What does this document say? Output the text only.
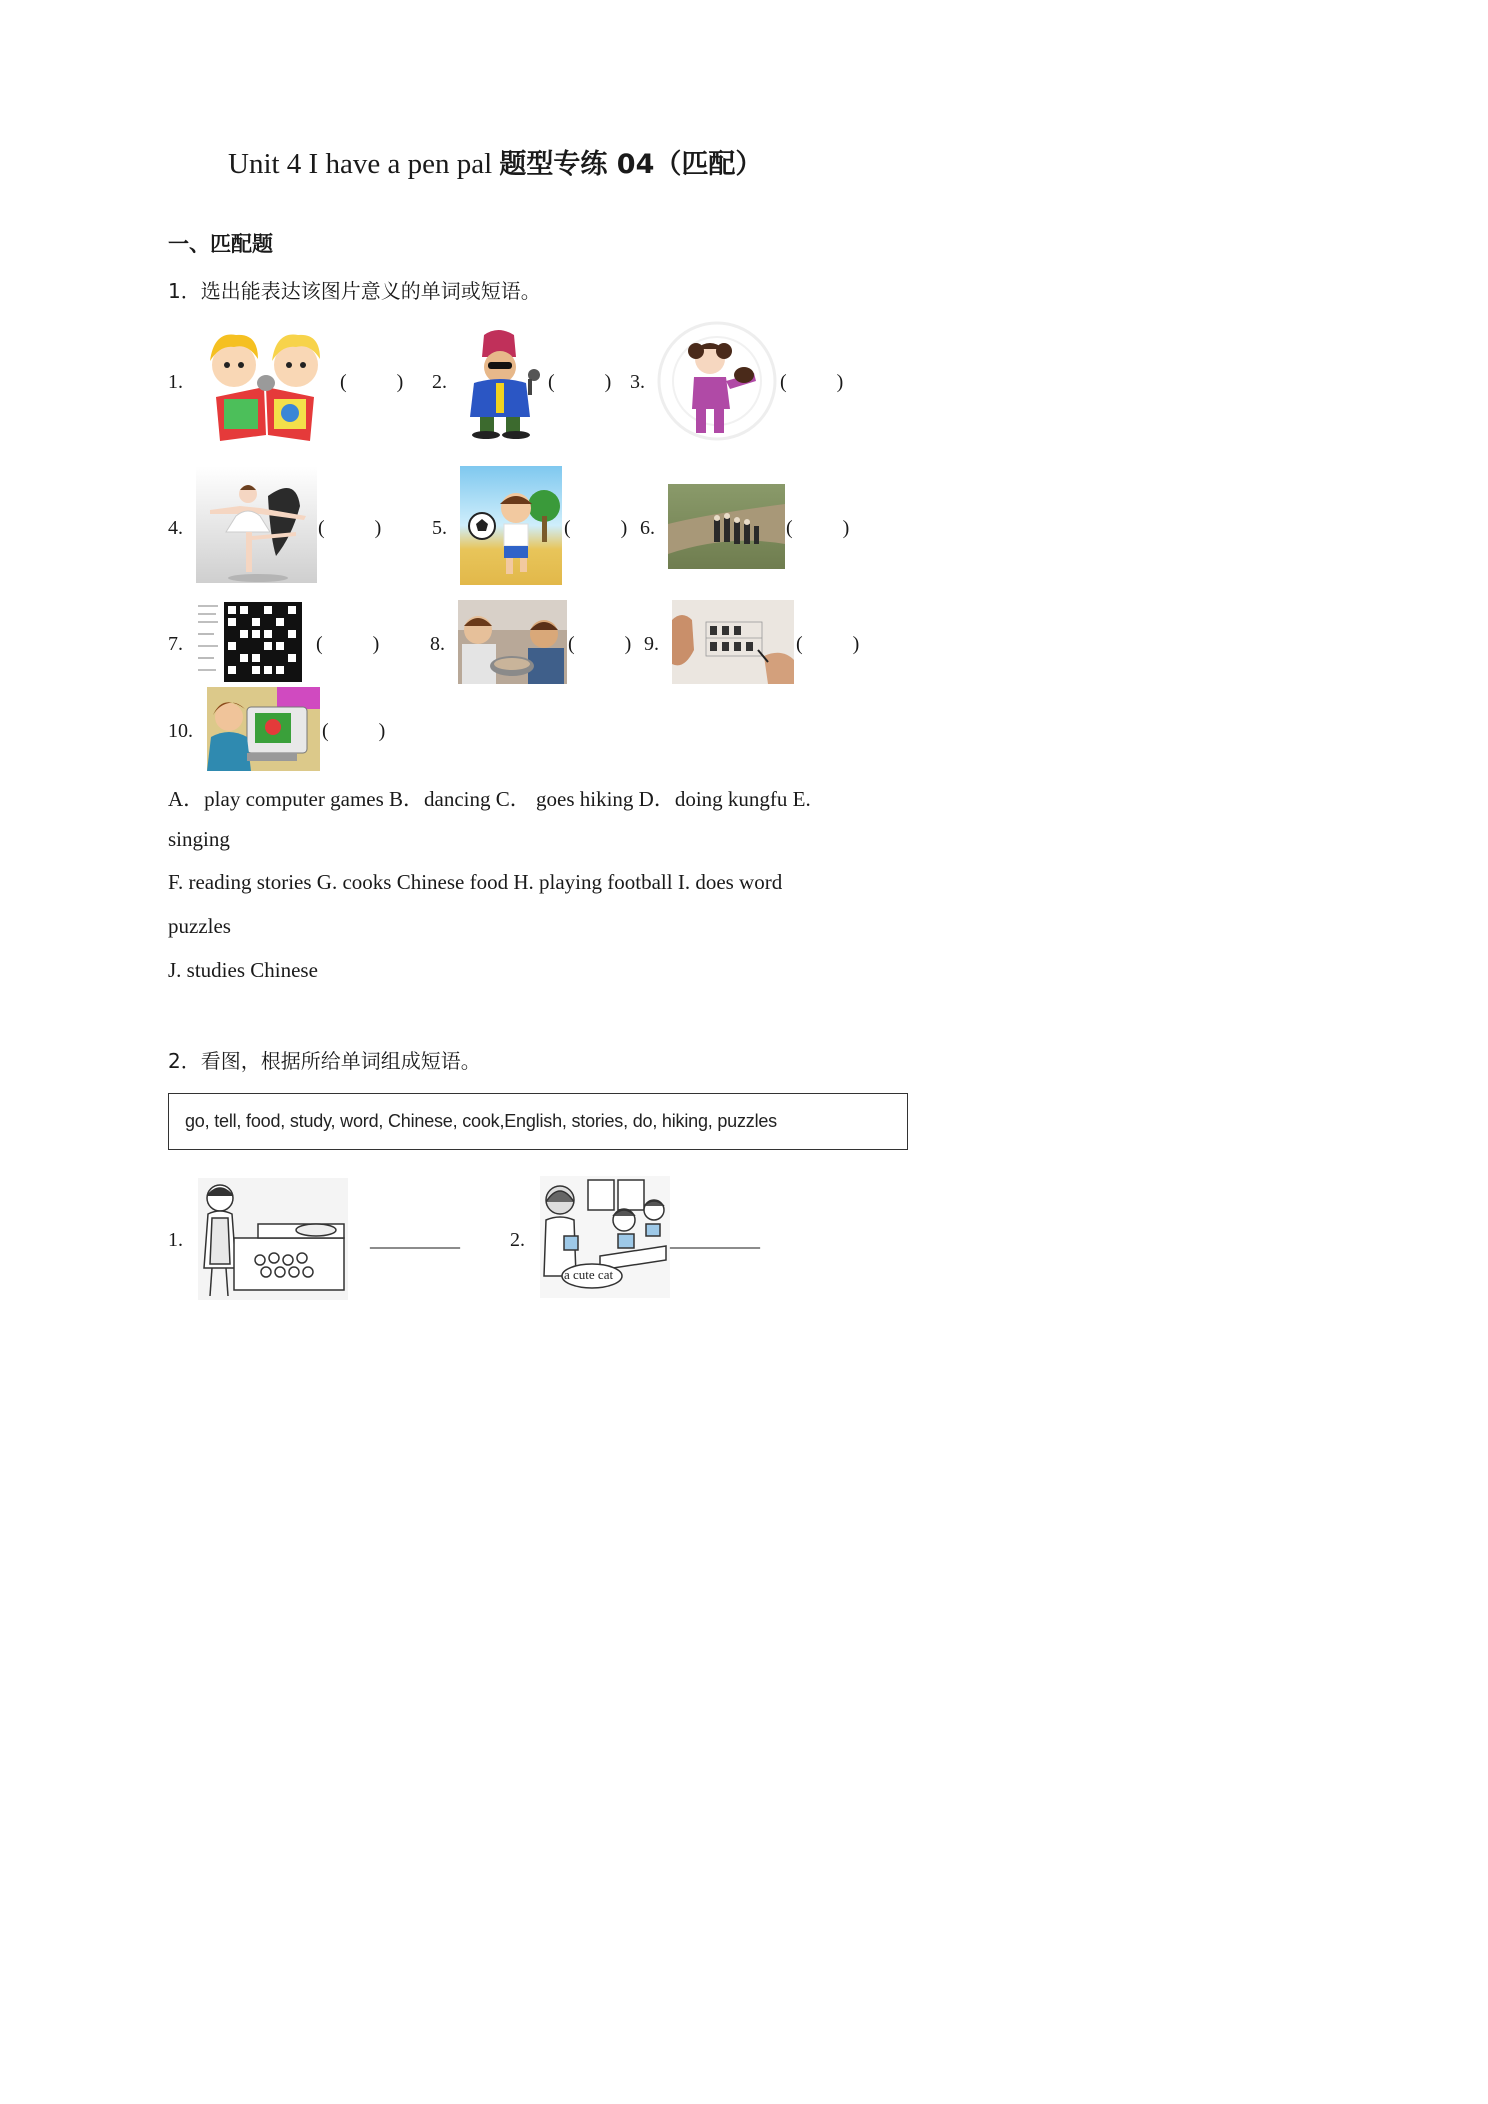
Unit 4 I have a pen pal 题型专练 04（匹配）
一、匹配题
1．选出能表达该图片意义的单词或短语。
1.	(          ) 2.	(          ) 3.	(          )
4.	(          )	5.	(          ) 6.	(          )
7.	(          )	8.	(          ) 9.	(          )
10.	(          )
A．play computer games B．dancing C． goes hiking D．doing kungfu E.
singing
F. reading stories G. cooks Chinese food H. playing football I. does word
puzzles
J. studies Chinese
2．看图，根据所给单词组成短语。
go, tell, food, study, word, Chinese, cook,English, stories, do, hiking, puzzles
1.	_________	2.
a cute cat
_________
